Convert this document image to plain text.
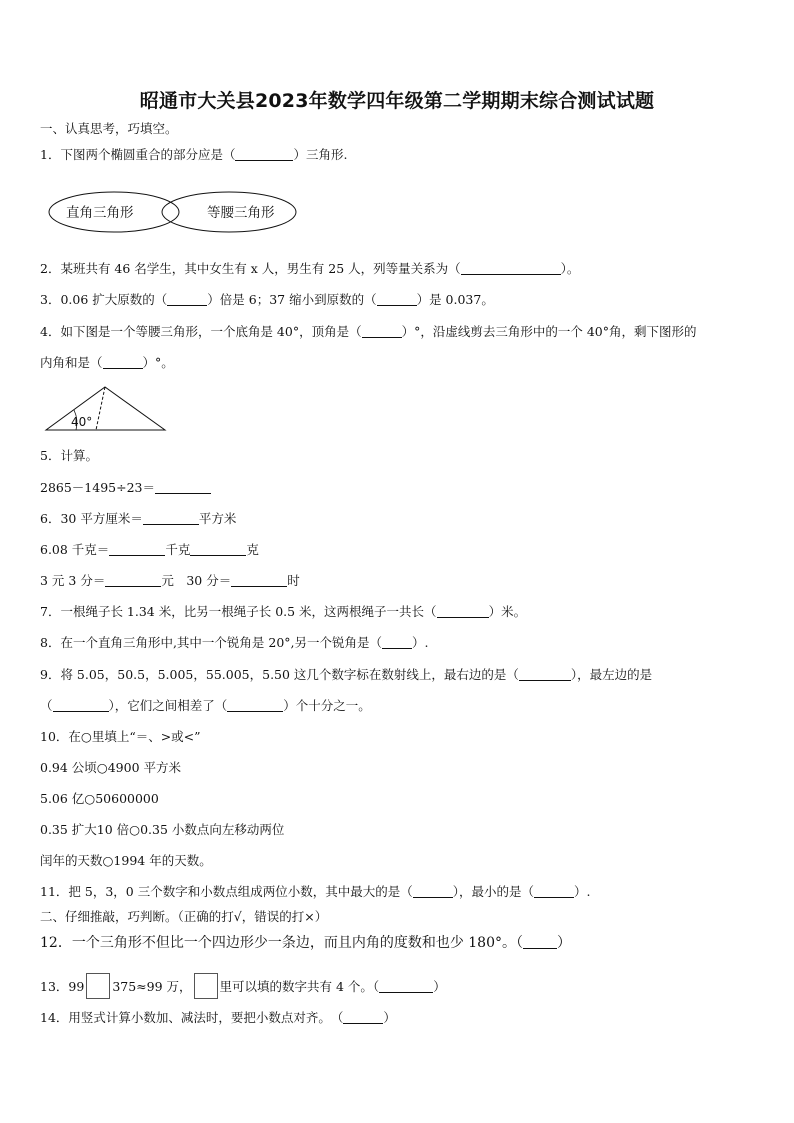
昭通市大关县2023年数学四年级第二学期期末综合测试试题
一、认真思考，巧填空。
1．下图两个椭圆重合的部分应是（	）三角形.
直角三角形	等腰三角形
2．某班共有 46 名学生，其中女生有 x 人，男生有 25 人，列等量关系为（	）。
3．0.06 扩大原数的（	）倍是 6；37 缩小到原数的（	）是 0.037。
4．如下图是一个等腰三角形，一个底角是 40°，顶角是（	）°，沿虚线剪去三角形中的一个 40°角，剩下图形的
内角和是（	）°。
40°
5．计算。
2865－1495÷23＝
6．30 平方厘米＝	平方米
6.08 千克＝	千克	克
3 元 3 分＝	元　30 分＝	时
7．一根绳子长 1.34 米，比另一根绳子长 0.5 米，这两根绳子一共长（	）米。
8．在一个直角三角形中,其中一个锐角是 20°,另一个锐角是（ ）.
9．将 5.05，50.5，5.005，55.005，5.50 这几个数字标在数射线上，最右边的是（	），最左边的是
（	），它们之间相差了（	）个十分之一。
10．在○里填上“＝、>或<”
0.94 公顷○4900 平方米
5.06 亿○50600000
0.35 扩大10 倍○0.35 小数点向左移动两位
闰年的天数○1994 年的天数。
11．把 5，3，0 三个数字和小数点组成两位小数，其中最大的是（	），最小的是（	）.
二、仔细推敲，巧判断。（正确的打√，错误的打×）
12．一个三角形不但比一个四边形少一条边，而且内角的度数和也少 180°。（ ）
13．99 375≈99 万， 里可以填的数字共有 4 个。（	）
14．用竖式计算小数加、减法时，要把小数点对齐。　（	）
